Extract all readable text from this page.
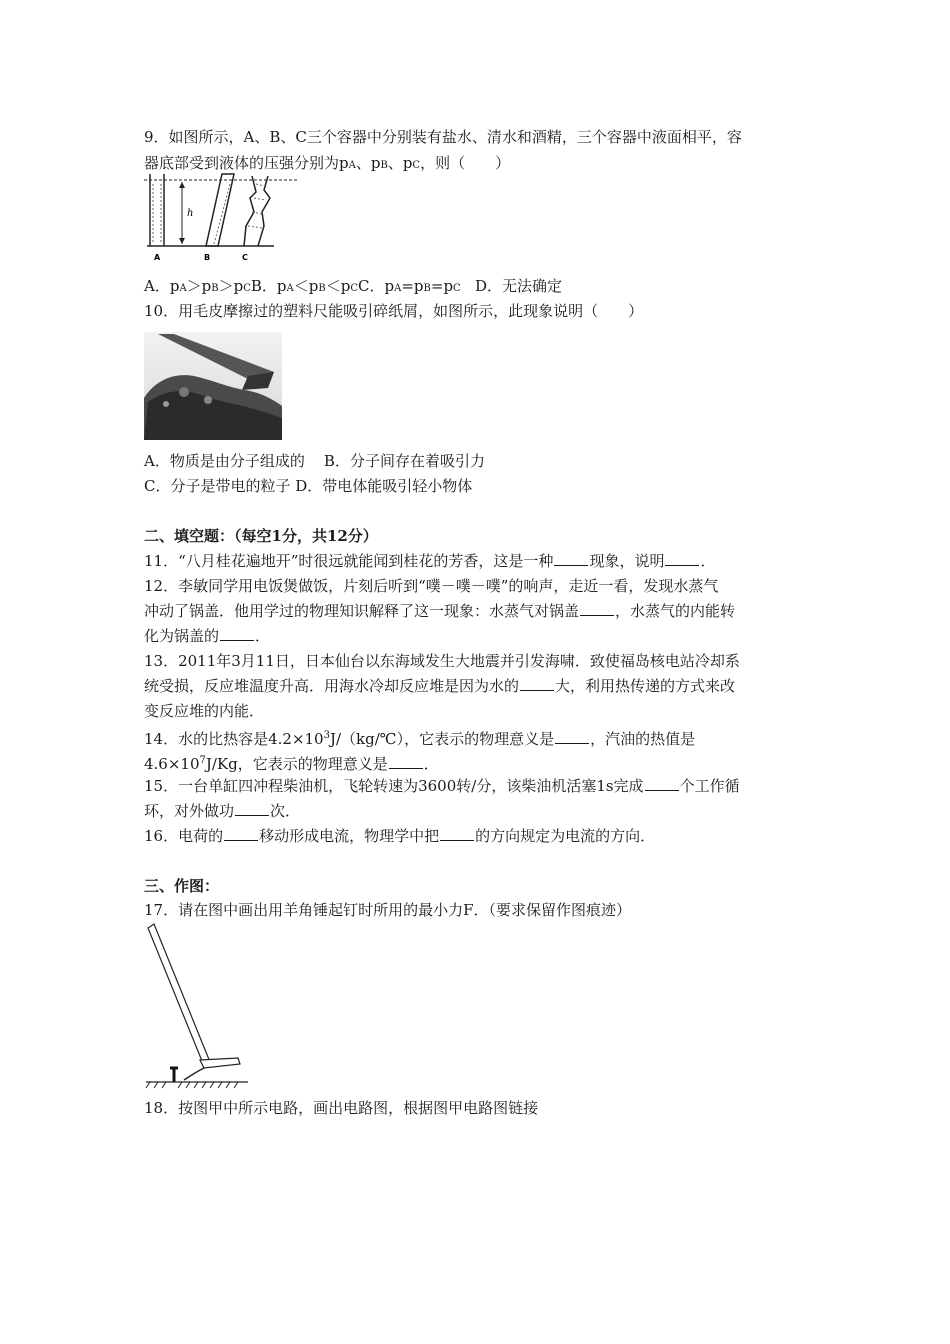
9．如图所示，A、B、C三个容器中分别装有盐水、清水和酒精，三个容器中液面相平，容
器底部受到液体的压强分别为pA、pB、pC，则（　　）
h
A	B	C
A．pA＞pB＞pCB．pA＜pB＜pCC．pA=pB=pC D．无法确定
10．用毛皮摩擦过的塑料尺能吸引碎纸屑，如图所示，此现象说明（　　）
A．物质是由分子组成的 B．分子间存在着吸引力
C．分子是带电的粒子 D．带电体能吸引轻小物体
二、填空题：（每空1分，共12分）
11．“八月桂花遍地开”时很远就能闻到桂花的芳香，这是一种 现象，说明 ．
12．李敏同学用电饭煲做饭，片刻后听到“噗－噗－噗”的响声，走近一看，发现水蒸气
冲动了锅盖．他用学过的物理知识解释了这一现象：水蒸气对锅盖 ，水蒸气的内能转
化为锅盖的 ．
13．2011年3月11日，日本仙台以东海域发生大地震并引发海啸．致使福岛核电站冷却系
统受损，反应堆温度升高．用海水冷却反应堆是因为水的 大，利用热传递的方式来改
变反应堆的内能．
14．水的比热容是$4.2\times 10^3J/(kg/℃)$，它表示的物理意义是 ，汽油的热值是
$4.6\times 10^7J/Kg$，它表示的物理意义是 ．
15．一台单缸四冲程柴油机，飞轮转速为3600转/分，该柴油机活塞1s完成 个工作循
环，对外做功 次．
16．电荷的 移动形成电流，物理学中把 的方向规定为电流的方向．
三、作图：
17．请在图中画出用羊角锤起钉时所用的最小力F．（要求保留作图痕迹）
18．按图甲中所示电路，画出电路图，根据图甲电路图链接
